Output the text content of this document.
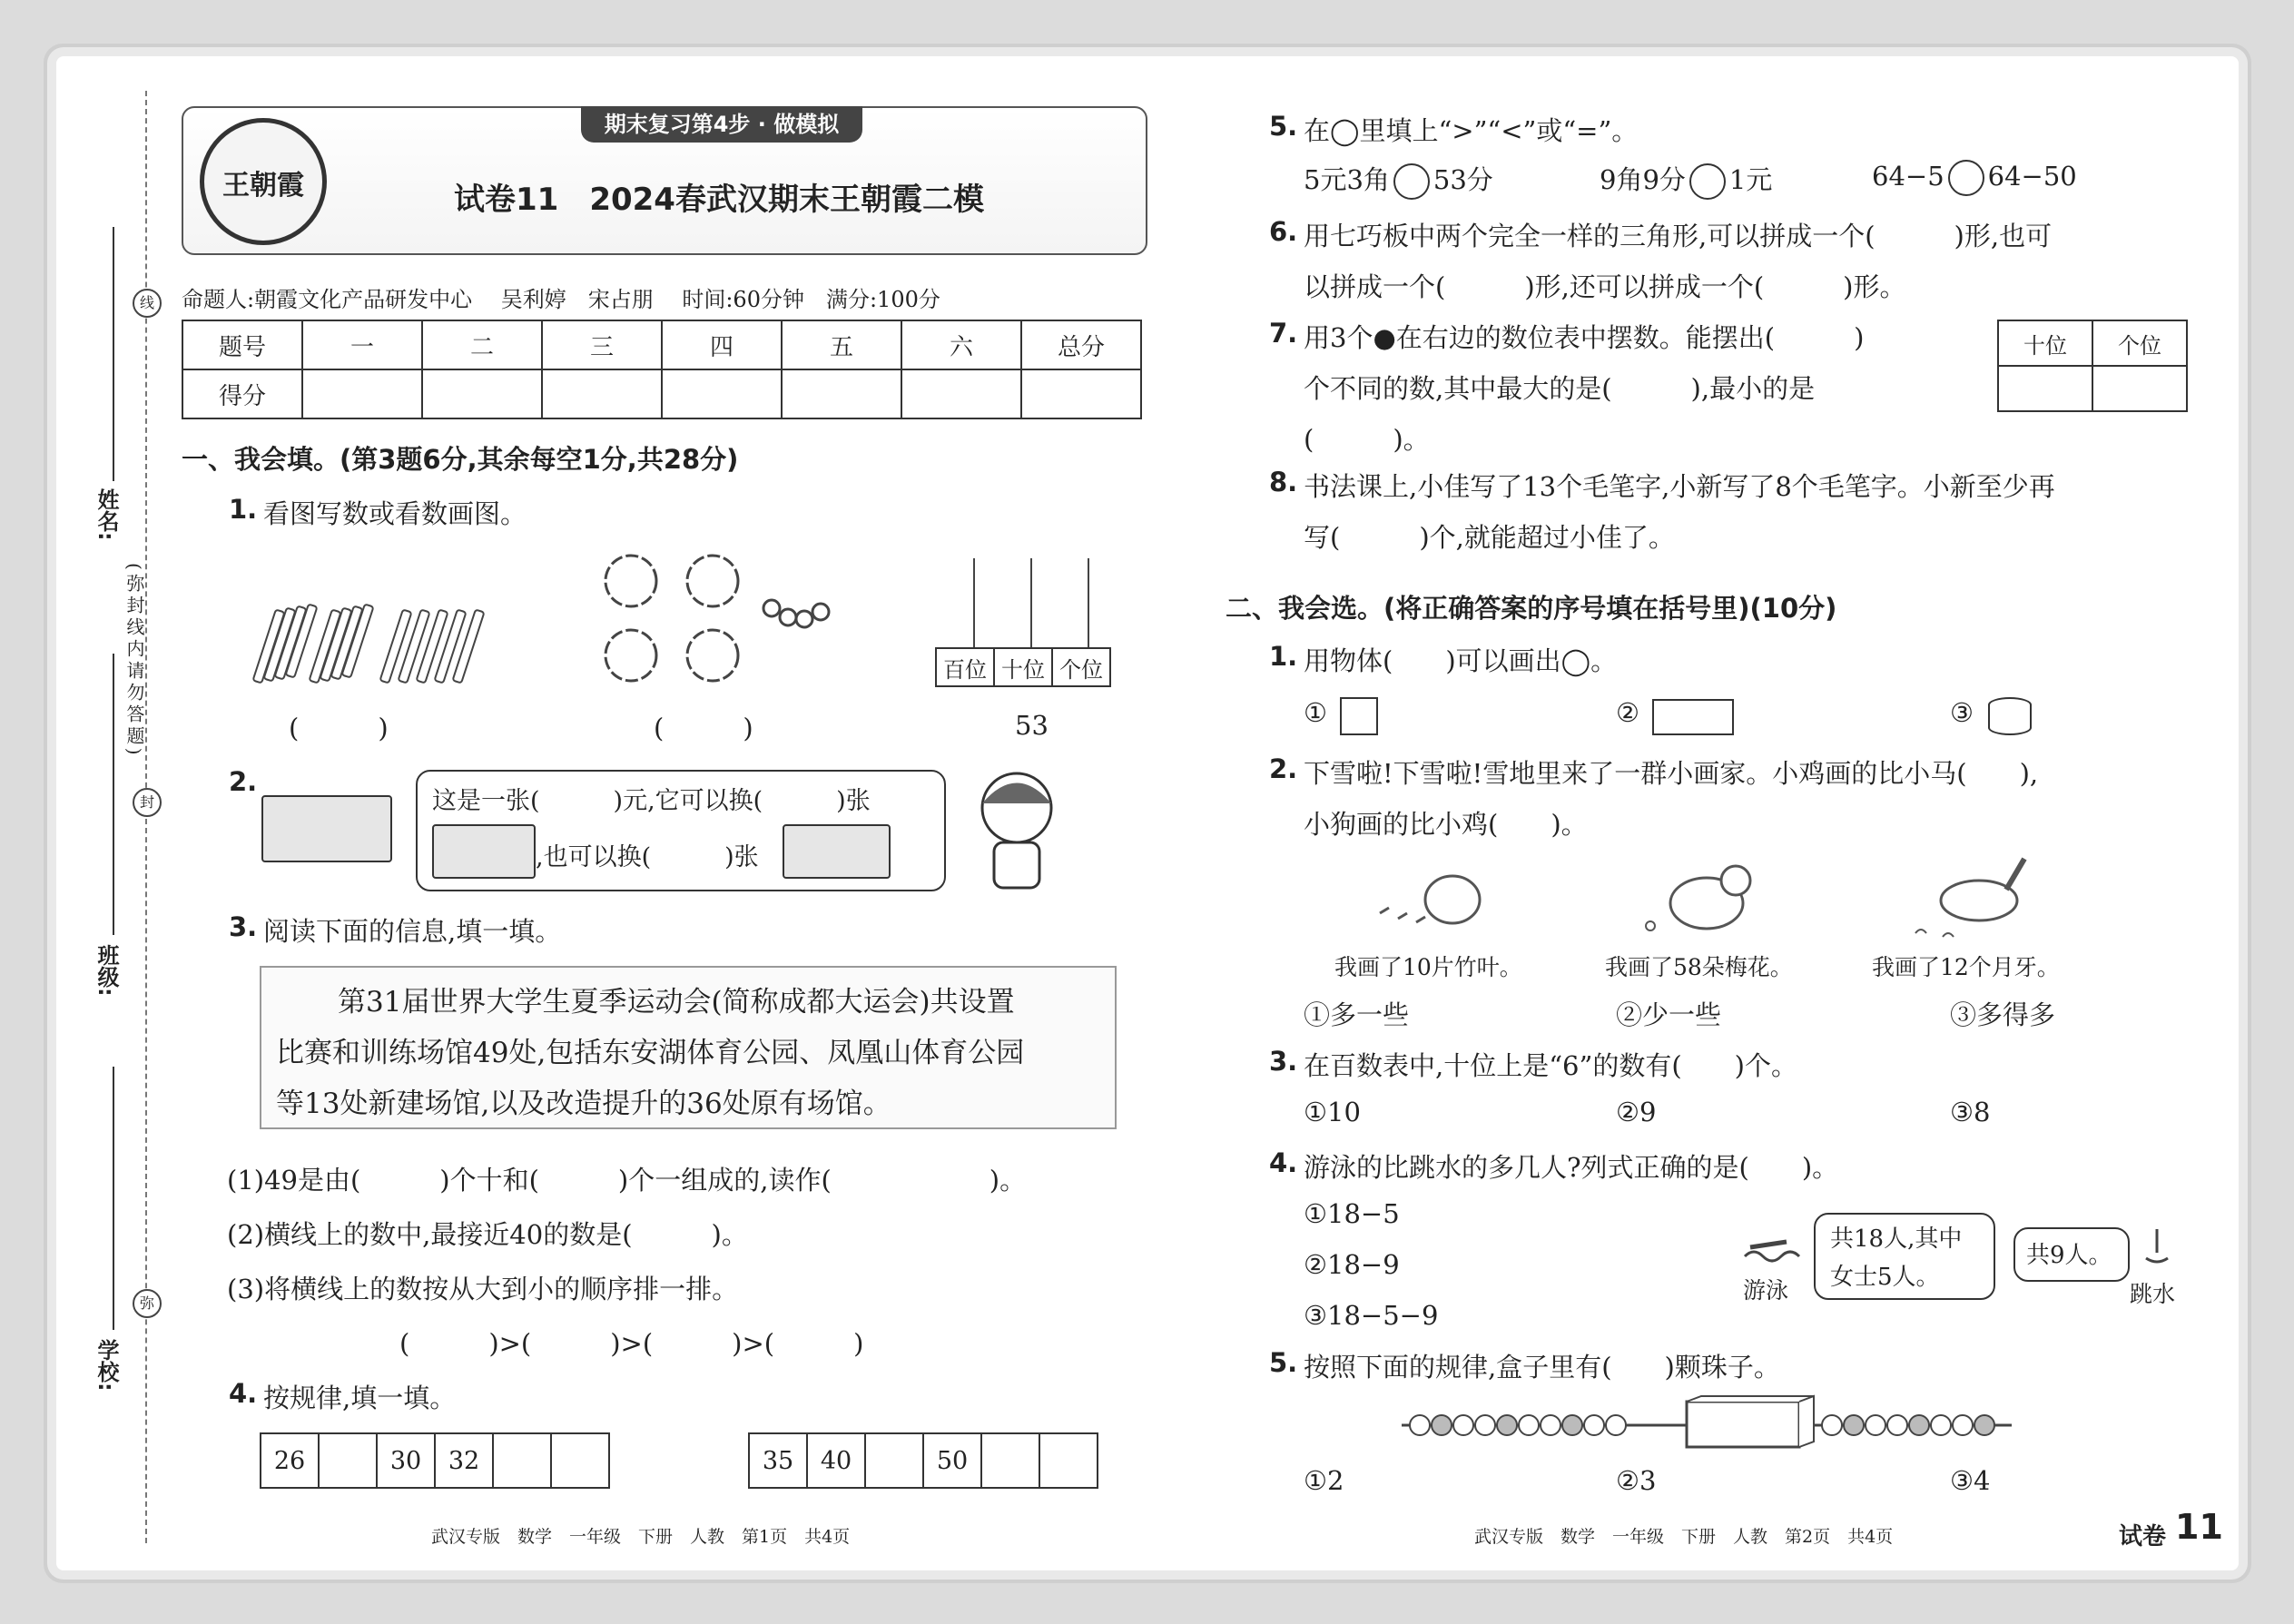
线
封
弥
(弥封线内请勿答题)
姓名:
班级:
学校:
期末复习第4步 · 做模拟
王朝霞	试卷11　2024春武汉期末王朝霞二模
命题人:朝霞文化产品研发中心　 吴利婷　宋占朋　 时间:60分钟　满分:100分
题号	一	二	三	四	五	六	总分
得分							
一、我会填。(第3题6分,其余每空1分,共28分)
1. 看图写数或看数画图。
(　　　)	(　　　)
百位	十位	个位
53
2.
这是一张(　　　)元,它可以换(　　　)张
,也可以换(　　　)张
3. 阅读下面的信息,填一填。
第31届世界大学生夏季运动会(简称成都大运会)共设置
比赛和训练场馆49处,包括东安湖体育公园、凤凰山体育公园
等13处新建场馆,以及改造提升的36处原有场馆。
(1)49是由(　　　)个十和(　　　)个一组成的,读作(　　　　　　)。
(2)横线上的数中,最接近40的数是(　　　)。
(3)将横线上的数按从大到小的顺序排一排。
(　　　)>(　　　)>(　　　)>(　　　)
4. 按规律,填一填。
26		30	32			35	40		50		
武汉专版　数学　一年级　下册　人教　第1页　共4页
5. 在◯里填上“>”“<”或“=”。
5元3角 53分	9角9分 1元	64−5 64−50
6. 用七巧板中两个完全一样的三角形,可以拼成一个(　　　)形,也可
以拼成一个(　　　)形,还可以拼成一个(　　　)形。
7. 用3个●在右边的数位表中摆数。能摆出(　　　)
个不同的数,其中最大的是(　　　),最小的是
(　　　)。
十位	个位

8. 书法课上,小佳写了13个毛笔字,小新写了8个毛笔字。小新至少再
写(　　　)个,就能超过小佳了。
二、我会选。(将正确答案的序号填在括号里)(10分)
1. 用物体(　　)可以画出◯。
①	②	③
2. 下雪啦!下雪啦!雪地里来了一群小画家。小鸡画的比小马(　　),
小狗画的比小鸡(　　)。
我画了10片竹叶。	我画了58朵梅花。	我画了12个月牙。
①多一些	②少一些	③多得多
3. 在百数表中,十位上是“6”的数有(　　)个。
①10	②9	③8
4. 游泳的比跳水的多几人?列式正确的是(　　)。
①18−5
②18−9
③18−5−9
游泳
共18人,其中
女士5人。
共9人。
跳水
5. 按照下面的规律,盒子里有(　　)颗珠子。
①2	②3	③4
武汉专版　数学　一年级　下册　人教　第2页　共4页	试卷 11
